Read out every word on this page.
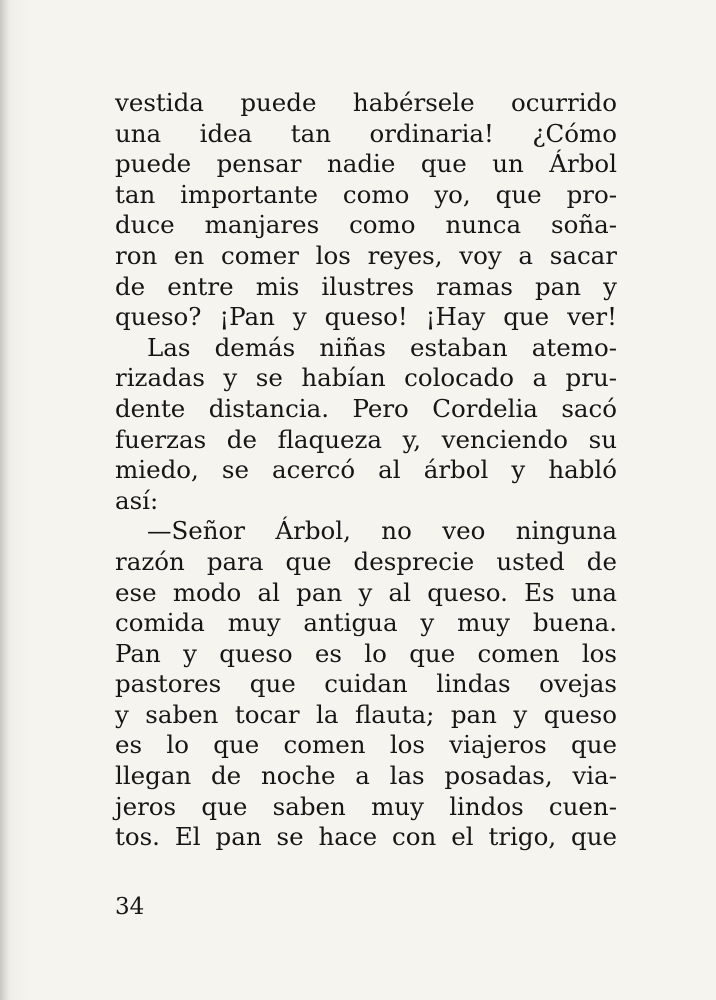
vestida puede habérsele ocurrido
una idea tan ordinaria! ¿Cómo
puede pensar nadie que un Árbol
tan importante como yo, que pro-
duce manjares como nunca soña-
ron en comer los reyes, voy a sacar
de entre mis ilustres ramas pan y
queso? ¡Pan y queso! ¡Hay que ver!
Las demás niñas estaban atemo-
rizadas y se habían colocado a pru-
dente distancia. Pero Cordelia sacó
fuerzas de flaqueza y, venciendo su
miedo, se acercó al árbol y habló
así:
—Señor Árbol, no veo ninguna
razón para que desprecie usted de
ese modo al pan y al queso. Es una
comida muy antigua y muy buena.
Pan y queso es lo que comen los
pastores que cuidan lindas ovejas
y saben tocar la flauta; pan y queso
es lo que comen los viajeros que
llegan de noche a las posadas, via-
jeros que saben muy lindos cuen-
tos. El pan se hace con el trigo, que
34
